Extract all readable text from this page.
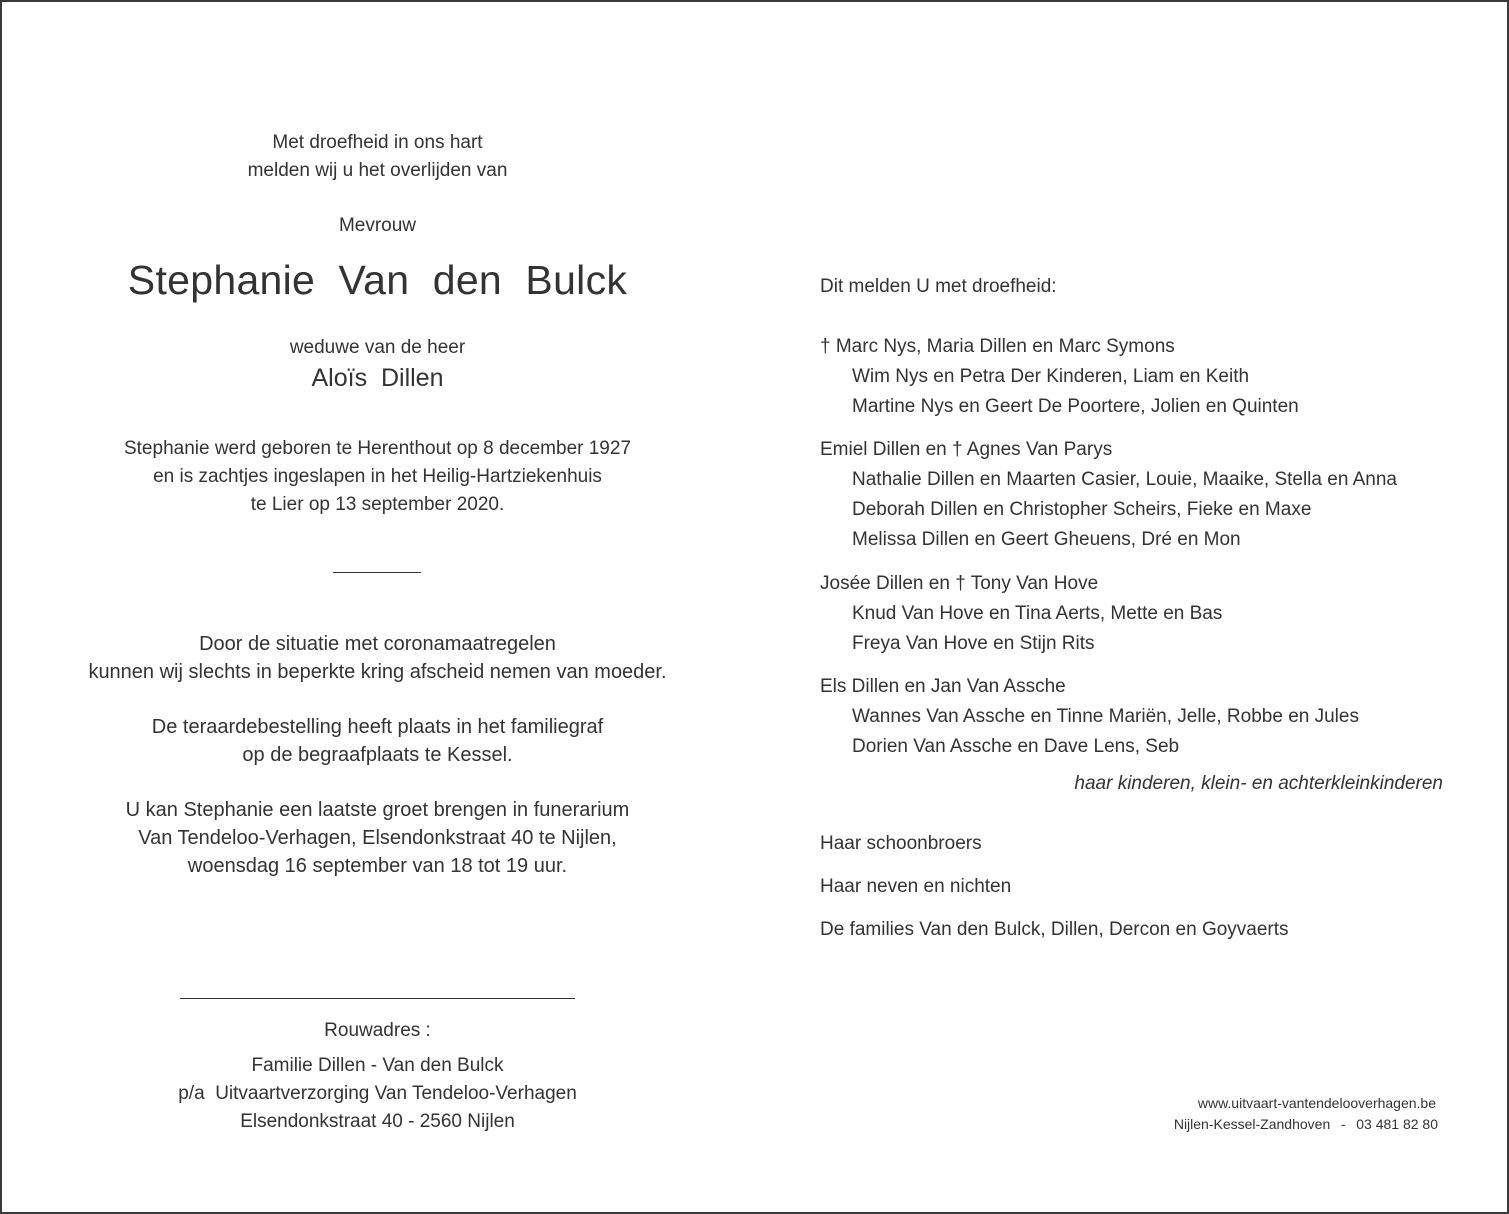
Met droefheid in ons hart
melden wij u het overlijden van
Mevrouw
Stephanie  Van  den  Bulck
weduwe van de heer
Aloïs  Dillen
Stephanie werd geboren te Herenthout op 8 december 1927
en is zachtjes ingeslapen in het Heilig-Hartziekenhuis
te Lier op 13 september 2020.
Door de situatie met coronamaatregelen
kunnen wij slechts in beperkte kring afscheid nemen van moeder.
De teraardebestelling heeft plaats in het familiegraf
op de begraafplaats te Kessel.
U kan Stephanie een laatste groet brengen in funerarium
Van Tendeloo-Verhagen, Elsendonkstraat 40 te Nijlen,
woensdag 16 september van 18 tot 19 uur.
Rouwadres :
Familie Dillen - Van den Bulck
p/a  Uitvaartverzorging Van Tendeloo-Verhagen
Elsendonkstraat 40 - 2560 Nijlen
Dit melden U met droefheid:
† Marc Nys, Maria Dillen en Marc Symons
Wim Nys en Petra Der Kinderen, Liam en Keith
Martine Nys en Geert De Poortere, Jolien en Quinten
Emiel Dillen en † Agnes Van Parys
Nathalie Dillen en Maarten Casier, Louie, Maaike, Stella en Anna
Deborah Dillen en Christopher Scheirs, Fieke en Maxe
Melissa Dillen en Geert Gheuens, Dré en Mon
Josée Dillen en † Tony Van Hove
Knud Van Hove en Tina Aerts, Mette en Bas
Freya Van Hove en Stijn Rits
Els Dillen en Jan Van Assche
Wannes Van Assche en Tinne Mariën, Jelle, Robbe en Jules
Dorien Van Assche en Dave Lens, Seb
haar kinderen, klein- en achterkleinkinderen
Haar schoonbroers
Haar neven en nichten
De families Van den Bulck, Dillen, Dercon en Goyvaerts
www.uitvaart-vantendelooverhagen.be
Nijlen-Kessel-Zandhoven - 03 481 82 80
